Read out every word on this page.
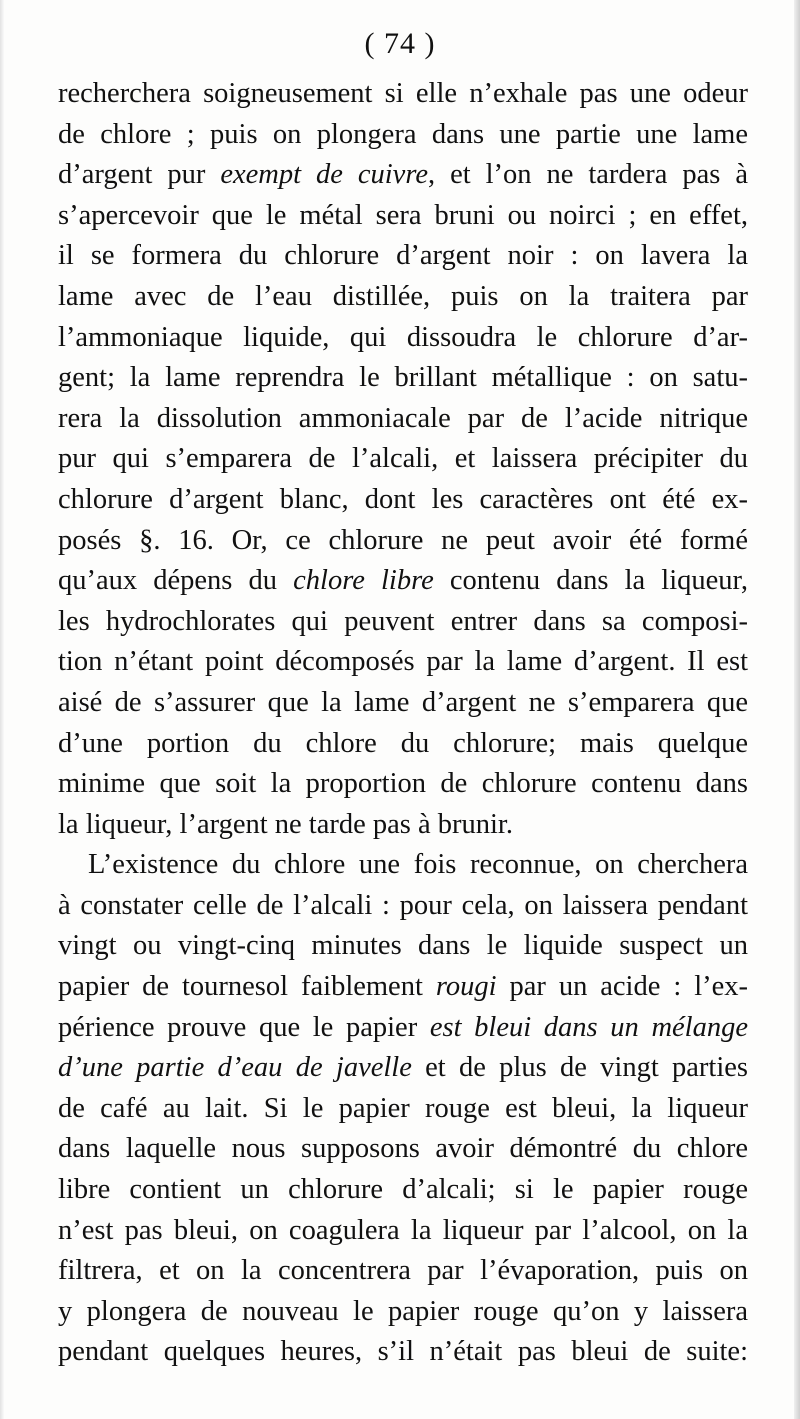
( 74 )
recherchera soigneusement si elle n’exhale pas une odeur
de chlore ; puis on plongera dans une partie une lame
d’argent pur exempt de cuivre, et l’on ne tardera pas à
s’apercevoir que le métal sera bruni ou noirci ; en effet,
il se formera du chlorure d’argent noir : on lavera la
lame avec de l’eau distillée, puis on la traitera par
l’ammoniaque liquide, qui dissoudra le chlorure d’ar-
gent; la lame reprendra le brillant métallique : on satu-
rera la dissolution ammoniacale par de l’acide nitrique
pur qui s’emparera de l’alcali, et laissera précipiter du
chlorure d’argent blanc, dont les caractères ont été ex-
posés §. 16. Or, ce chlorure ne peut avoir été formé
qu’aux dépens du chlore libre contenu dans la liqueur,
les hydrochlorates qui peuvent entrer dans sa composi-
tion n’étant point décomposés par la lame d’argent. Il est
aisé de s’assurer que la lame d’argent ne s’emparera que
d’une portion du chlore du chlorure; mais quelque
minime que soit la proportion de chlorure contenu dans
la liqueur, l’argent ne tarde pas à brunir.
L’existence du chlore une fois reconnue, on cherchera
à constater celle de l’alcali : pour cela, on laissera pendant
vingt ou vingt-cinq minutes dans le liquide suspect un
papier de tournesol faiblement rougi par un acide : l’ex-
périence prouve que le papier est bleui dans un mélange
d’une partie d’eau de javelle et de plus de vingt parties
de café au lait. Si le papier rouge est bleui, la liqueur
dans laquelle nous supposons avoir démontré du chlore
libre contient un chlorure d’alcali; si le papier rouge
n’est pas bleui, on coagulera la liqueur par l’alcool, on la
filtrera, et on la concentrera par l’évaporation, puis on
y plongera de nouveau le papier rouge qu’on y laissera
pendant quelques heures, s’il n’était pas bleui de suite:
